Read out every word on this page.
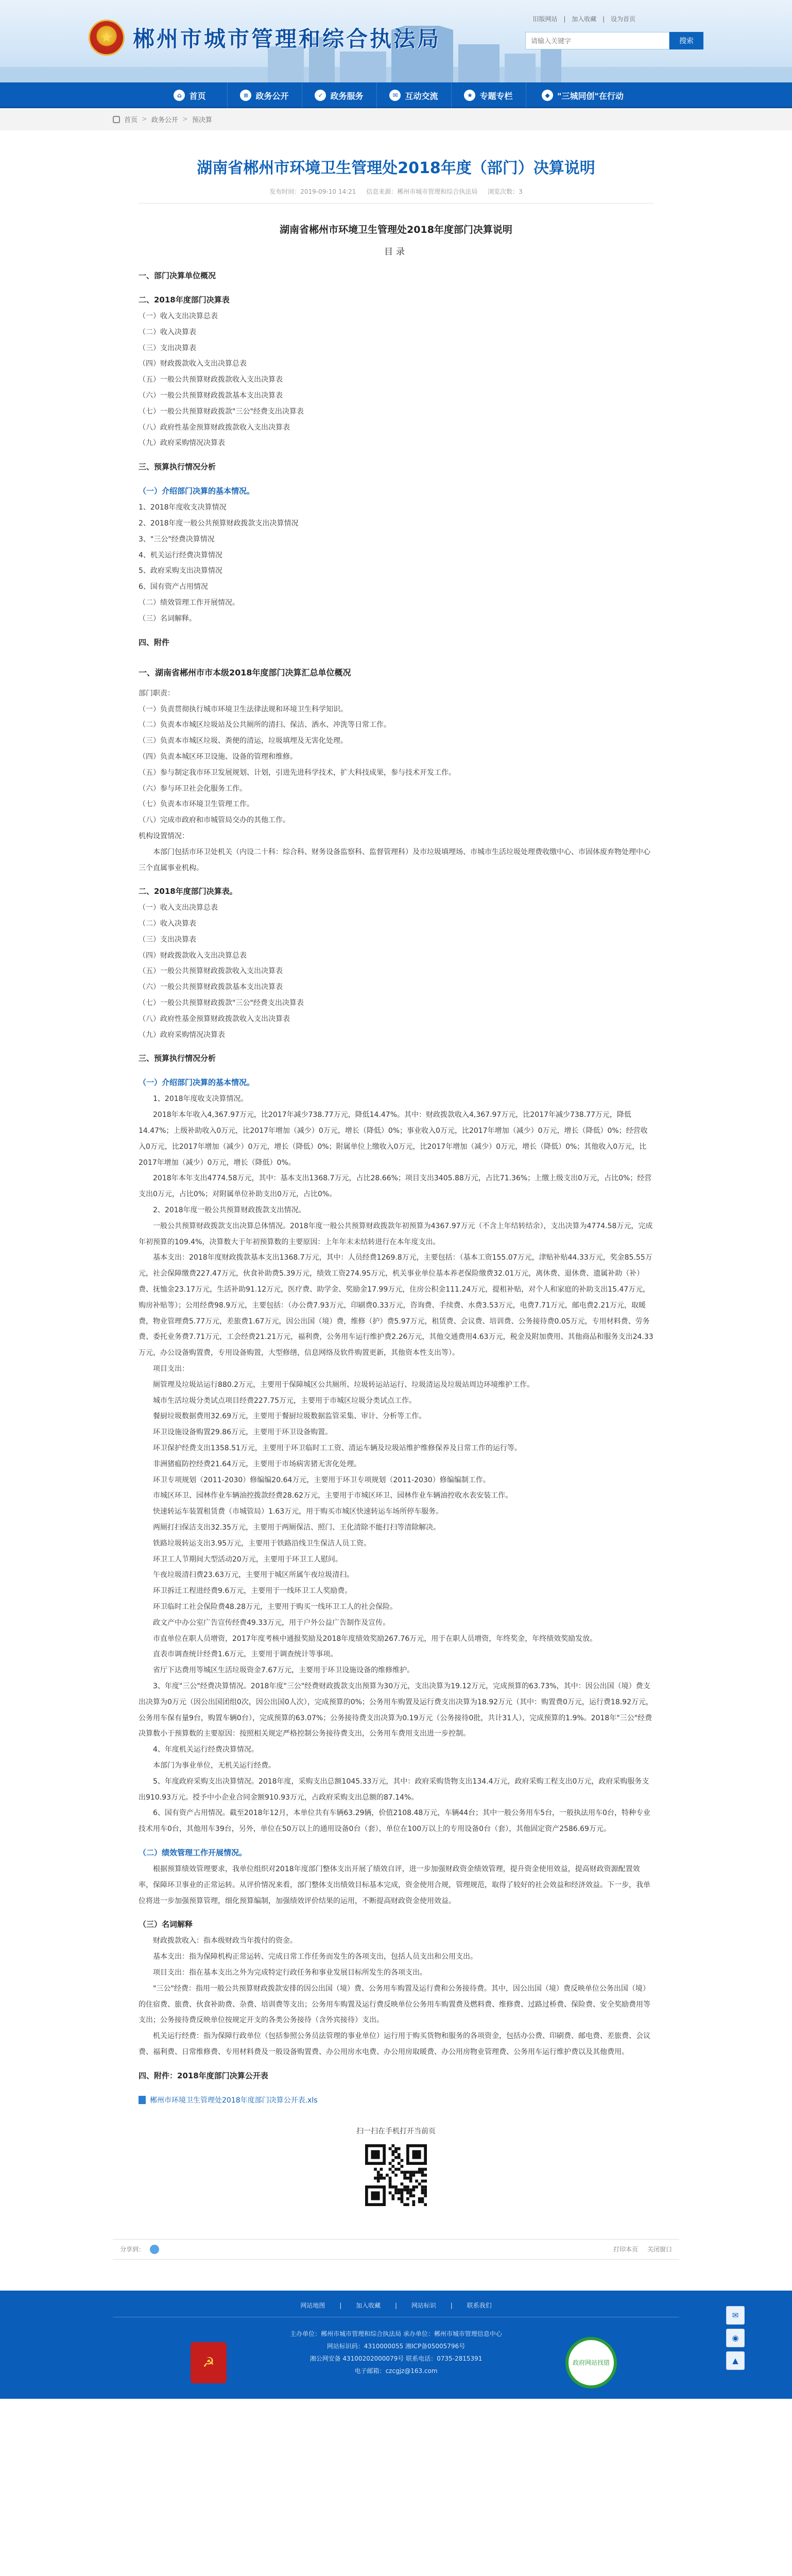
★ 郴州市城市管理和综合执法局
旧版网站 | 加入收藏 | 设为首页
请输入关键字
搜索
⌂ 首页	≡ 政务公开	✓ 政务服务	✉ 互动交流	★ 专题专栏	◆ "三城同创"在行动
首页 > 政务公开 > 预决算
湖南省郴州市环境卫生管理处2018年度（部门）决算说明
发布时间：2019-09-10 14:21 信息来源：郴州市城市管理和综合执法局 浏览次数：3
湖南省郴州市环境卫生管理处2018年度部门决算说明
目录

一、部门决算单位概况

二、2018年度部门决算表

（一）收入支出决算总表

（二）收入决算表

（三）支出决算表

（四）财政拨款收入支出决算总表

（五）一般公共预算财政拨款收入支出决算表

（六）一般公共预算财政拨款基本支出决算表

（七）一般公共预算财政拨款"三公"经费支出决算表

（八）政府性基金预算财政拨款收入支出决算表

（九）政府采购情况决算表

三、预算执行情况分析

（一）介绍部门决算的基本情况。

1、2018年度收支决算情况

2、2018年度一般公共预算财政拨款支出决算情况

3、"三公"经费决算情况

4、机关运行经费决算情况

5、政府采购支出决算情况

6、国有资产占用情况

（二）绩效管理工作开展情况。

（三）名词解释。

四、附件

一、湖南省郴州市市本级2018年度部门决算汇总单位概况

部门职责：

（一）负责贯彻执行城市环境卫生法律法规和环境卫生科学知识。

（二）负责本市城区垃圾站及公共厕所的清扫、保洁、洒水、冲洗等日常工作。

（三）负责本市城区垃圾、粪便的清运，垃圾填埋及无害化处理。

（四）负责本城区环卫设施、设备的管理和维修。

（五）参与制定我市环卫发展规划、计划，引进先进科学技术，扩大科技成果，参与技术开发工作。

（六）参与环卫社会化服务工作。

（七）负责本市环境卫生管理工作。

（八）完成市政府和市城管局交办的其他工作。

机构设置情况：

本部门包括市环卫处机关（内设二十科：综合科、财务设备监察科、监督管理科）及市垃圾填埋场、市城市生活垃圾处理费收缴中心、市固体废弃物处理中心三个直属事业机构。

二、2018年度部门决算表。

（一）收入支出决算总表

（二）收入决算表

（三）支出决算表

（四）财政拨款收入支出决算总表

（五）一般公共预算财政拨款收入支出决算表

（六）一般公共预算财政拨款基本支出决算表

（七）一般公共预算财政拨款"三公"经费支出决算表

（八）政府性基金预算财政拨款收入支出决算表

（九）政府采购情况决算表

三、预算执行情况分析

（一）介绍部门决算的基本情况。

1、2018年度收支决算情况。

2018年本年收入4,367.97万元，比2017年减少738.77万元，降低14.47%。其中：财政拨款收入4,367.97万元，比2017年减少738.77万元，降低14.47%；上级补助收入0万元，比2017年增加（减少）0万元，增长（降低）0%；事业收入0万元，比2017年增加（减少）0万元，增长（降低）0%；经营收入0万元，比2017年增加（减少）0万元，增长（降低）0%；附属单位上缴收入0万元，比2017年增加（减少）0万元，增长（降低）0%；其他收入0万元，比2017年增加（减少）0万元，增长（降低）0%。

2018年本年支出4774.58万元，其中：基本支出1368.7万元，占比28.66%；项目支出3405.88万元，占比71.36%；上缴上级支出0万元，占比0%；经营支出0万元，占比0%；对附属单位补助支出0万元，占比0%。

2、2018年度一般公共预算财政拨款支出情况。

一般公共预算财政拨款支出决算总体情况。2018年度一般公共预算财政拨款年初预算为4367.97万元（不含上年结转结余），支出决算为4774.58万元，完成年初预算的109.4%，决算数大于年初预算数的主要原因：上年年末未结转进行在本年度支出。

基本支出：2018年度财政拨款基本支出1368.7万元，其中：人员经费1269.8万元，主要包括：（基本工资155.07万元，津贴补贴44.33万元，奖金85.55万元，社会保障缴费227.47万元，伙食补助费5.39万元，绩效工资274.95万元，机关事业单位基本养老保险缴费32.01万元，离休费、退休费、遗属补助（补）费、抚恤金23.17万元，生活补助91.12万元，医疗费、助学金、奖励金17.99万元，住房公积金111.24万元，提租补贴，对个人和家庭的补助支出15.47万元，购房补贴等）；公用经费98.9万元，主要包括：（办公费7.93万元，印刷费0.33万元，咨询费、手续费、水费3.53万元，电费7.71万元，邮电费2.21万元，取暖费，物业管理费5.77万元，差旅费1.67万元，因公出国（境）费，维修（护）费5.97万元，租赁费、会议费、培训费、公务接待费0.05万元，专用材料费、劳务费、委托业务费7.71万元，工会经费21.21万元，福利费，公务用车运行维护费2.26万元，其他交通费用4.63万元，税金及附加费用、其他商品和服务支出24.33万元，办公设备购置费，专用设备购置，大型修缮，信息网络及软件购置更新，其他资本性支出等）。

项目支出：

厕管理及垃圾站运行880.2万元，主要用于保障城区公共厕所、垃圾转运站运行、垃圾清运及垃圾站周边环境维护工作。

城市生活垃圾分类试点项目经费227.75万元，主要用于市城区垃圾分类试点工作。

餐厨垃圾数据费用32.69万元，主要用于餐厨垃圾数据监管采集、审计、分析等工作。

环卫设施设备购置29.86万元，主要用于环卫设备购置。

环卫保护经费支出1358.51万元，主要用于环卫临时工工资、清运车辆及垃圾站维护维修保养及日常工作的运行等。

非洲猪瘟防控经费21.64万元，主要用于市场病害猪无害化处理。

环卫专项规划（2011-2030）修编编20.64万元，主要用于环卫专项规划（2011-2030）修编编制工作。

市城区环卫、园林作业车辆油控拨款经费28.62万元，主要用于市城区环卫、园林作业车辆油控收水表安装工作。

快速转运车装置租赁费（市城管局）1.63万元，用于购买市城区快速转运车场所停车服务。

两厕打扫保洁支出32.35万元，主要用于两厕保洁、照门、王化清除不能打扫等清除解决。

铁路垃圾转运支出3.95万元，主要用于铁路沿线卫生保洁人员工资。

环卫工人节期间大型活动20万元，主要用于环卫工人慰问。

午夜垃圾清扫费23.63万元，主要用于城区所属午夜垃圾清扫。

环卫拆迁工程进经费9.6万元，主要用于一线环卫工人奖励费。

环卫临时工社会保险费48.28万元，主要用于购买一线环卫工人的社会保险。

政文产中办公室广告宣传经费49.33万元，用于户外公益广告制作及宣传。

市直单位在职人员增资，2017年度考核中通报奖励及2018年度绩效奖励267.76万元，用于在职人员增资，年终奖金，年终绩效奖励发放。

直表市调查统计经费1.6万元，主要用于调查统计等事项。

省厅下达费用等城区生活垃圾资金7.67万元，主要用于环卫设施设备的维修维护。

3、年度"三公"经费决算情况。2018年度"三公"经费财政拨款支出预算为30万元，支出决算为19.12万元，完成预算的63.73%，其中：因公出国（境）费支出决算为0万元（因公出国团组0次，因公出国0人次），完成预算的0%；公务用车购置及运行费支出决算为18.92万元（其中：购置费0万元，运行费18.92万元，公务用车保有量9台，购置车辆0台），完成预算的63.07%；公务接待费支出决算为0.19万元（公务接待0批，共计31人），完成预算的1.9%。2018年"三公"经费决算数小于预算数的主要原因：按照相关规定严格控制公务接待费支出，公务用车费用支出进一步控制。

4、年度机关运行经费决算情况。

本部门为事业单位，无机关运行经费。

5、年度政府采购支出决算情况。2018年度，采购支出总额1045.33万元，其中：政府采购货物支出134.4万元，政府采购工程支出0万元，政府采购服务支出910.93万元。授予中小企业合同金额910.93万元，占政府采购支出总额的87.14%。

6、国有资产占用情况。截至2018年12月，本单位共有车辆63.29辆，价值2108.48万元，车辆44台；其中一般公务用车5台，一般执法用车0台，特种专业技术用车0台，其他用车39台，另外，单位在50万以上的通用设备0台（套），单位在100万以上的专用设备0台（套），其他固定资产2586.69万元。

（二）绩效管理工作开展情况。

根据预算绩效管理要求，我单位组织对2018年度部门整体支出开展了绩效自评，进一步加强财政资金绩效管理，提升资金使用效益，提高财政资源配置效率，保障环卫事业的正常运转。从评价情况来看，部门整体支出绩效目标基本完成，资金使用合规，管理规范，取得了较好的社会效益和经济效益。下一步，我单位将进一步加强预算管理，细化预算编制，加强绩效评价结果的运用，不断提高财政资金使用效益。

（三）名词解释

财政拨款收入：指本级财政当年拨付的资金。

基本支出：指为保障机构正常运转、完成日常工作任务而发生的各项支出，包括人员支出和公用支出。

项目支出：指在基本支出之外为完成特定行政任务和事业发展目标所发生的各项支出。

"三公"经费：指用一般公共预算财政拨款安排的因公出国（境）费、公务用车购置及运行费和公务接待费。其中，因公出国（境）费反映单位公务出国（境）的住宿费、旅费、伙食补助费、杂费、培训费等支出；公务用车购置及运行费反映单位公务用车购置费及燃料费、维修费、过路过桥费、保险费、安全奖励费用等支出；公务接待费反映单位按规定开支的各类公务接待（含外宾接待）支出。

机关运行经费：指为保障行政单位（包括参照公务员法管理的事业单位）运行用于购买货物和服务的各项资金，包括办公费、印刷费、邮电费、差旅费、会议费、福利费、日常维修费、专用材料费及一般设备购置费、办公用房水电费、办公用房取暖费、办公用房物业管理费、公务用车运行维护费以及其他费用。

四、附件：2018年度部门决算公开表

郴州市环境卫生管理处2018年度部门决算公开表.xls
扫一扫在手机打开当前页
分享到：	打印本页 关闭窗口
网站地图 | 加入收藏 | 网站标识 | 联系我们
☭

主办单位：郴州市城市管理和综合执法局 承办单位：郴州市城市管理信息中心

网站标识码：4310000055 湘ICP备05005796号

湘公网安备 43100202000079号 联系电话：0735-2815391

电子邮箱：czcgjz@163.com

政府网站找错
✉
◉
▲
